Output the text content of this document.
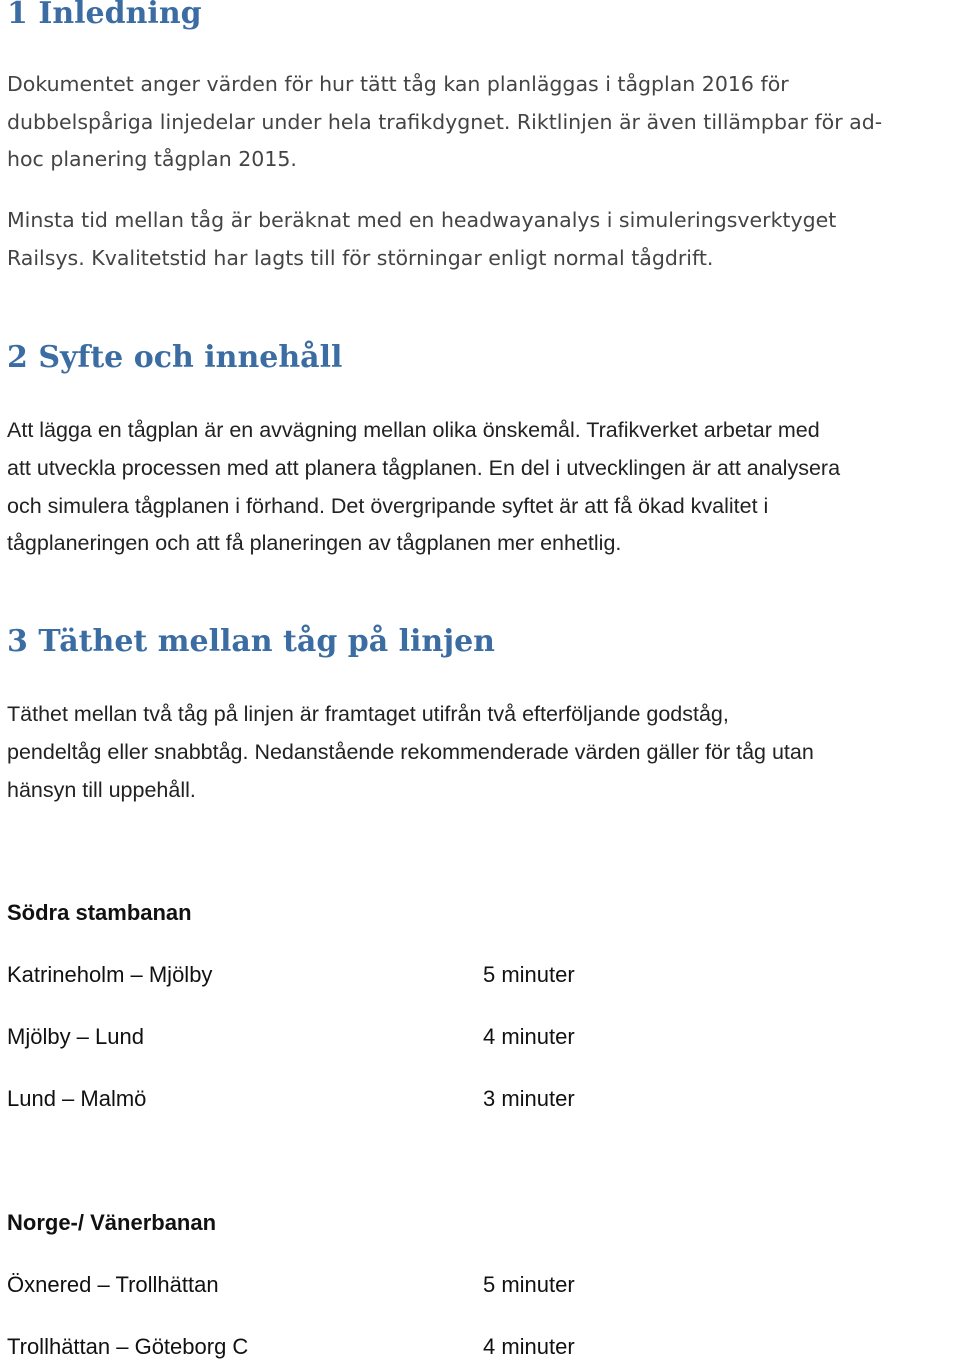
1 Inledning

Dokumentet anger värden för hur tätt tåg kan planläggas i tågplan 2016 för
dubbelspåriga linjedelar under hela trafikdygnet. Riktlinjen är även tillämpbar för ad-
hoc planering tågplan 2015.

Minsta tid mellan tåg är beräknat med en headwayanalys i simuleringsverktyget
Railsys. Kvalitetstid har lagts till för störningar enligt normal tågdrift.

2 Syfte och innehåll

Att lägga en tågplan är en avvägning mellan olika önskemål. Trafikverket arbetar med
att utveckla processen med att planera tågplanen. En del i utvecklingen är att analysera
och simulera tågplanen i förhand. Det övergripande syftet är att få ökad kvalitet i
tågplaneringen och att få planeringen av tågplanen mer enhetlig.

3 Täthet mellan tåg på linjen

Täthet mellan två tåg på linjen är framtaget utifrån två efterföljande godståg,
pendeltåg eller snabbtåg. Nedanstående rekommenderade värden gäller för tåg utan
hänsyn till uppehåll.

Södra stambanan
Katrineholm – Mjölby	5 minuter
Mjölby – Lund	4 minuter
Lund – Malmö	3 minuter
Norge-/ Vänerbanan
Öxnered – Trollhättan	5 minuter
Trollhättan – Göteborg C	4 minuter
